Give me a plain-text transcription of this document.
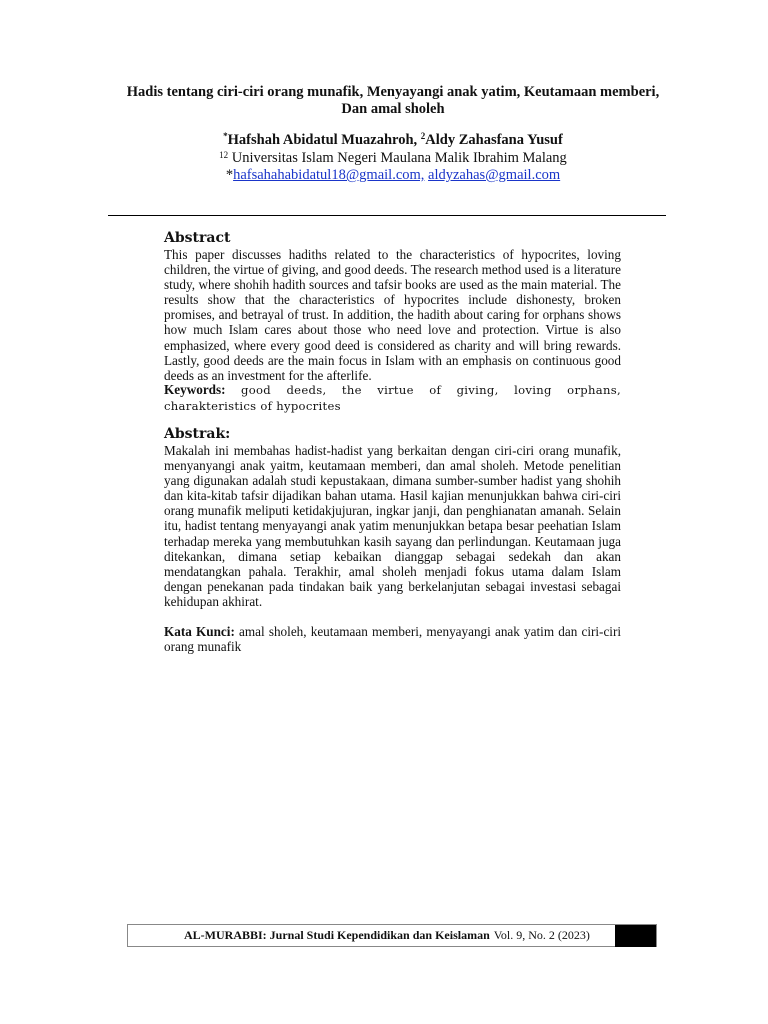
Hadis tentang ciri-ciri orang munafik, Menyayangi anak yatim, Keutamaan memberi, Dan amal sholeh
*Hafshah Abidatul Muazahroh, $^2$Aldy Zahasfana Yusuf
$^{12}$ Universitas Islam Negeri Maulana Malik Ibrahim Malang
*hafsahahabidatul18@gmail.com, aldyzahas@gmail.com
Abstract
This paper discusses hadiths related to the characteristics of hypocrites, loving children, the virtue of giving, and good deeds. The research method used is a literature study, where shohih hadith sources and tafsir books are used as the main material. The results show that the characteristics of hypocrites include dishonesty, broken promises, and betrayal of trust. In addition, the hadith about caring for orphans shows how much Islam cares about those who need love and protection. Virtue is also emphasized, where every good deed is considered as charity and will bring rewards. Lastly, good deeds are the main focus in Islam with an emphasis on continuous good deeds as an investment for the afterlife.
Keywords: good deeds, the virtue of giving, loving orphans, charakteristics of hypocrites
Abstrak:
Makalah ini membahas hadist-hadist yang berkaitan dengan ciri-ciri orang munafik, menyanyangi anak yaitm, keutamaan memberi, dan amal sholeh. Metode penelitian yang digunakan adalah studi kepustakaan, dimana sumber-sumber hadist yang shohih dan kita-kitab tafsir dijadikan bahan utama. Hasil kajian menunjukkan bahwa ciri-ciri orang munafik meliputi ketidakjujuran, ingkar janji, dan penghianatan amanah. Selain itu, hadist tentang menyayangi anak yatim menunjukkan betapa besar peehatian Islam terhadap mereka yang membutuhkan kasih sayang dan perlindungan. Keutamaan juga ditekankan, dimana setiap kebaikan dianggap sebagai sedekah dan akan mendatangkan pahala. Terakhir, amal sholeh menjadi fokus utama dalam Islam dengan penekanan pada tindakan baik yang berkelanjutan sebagai investasi sebagai kehidupan akhirat.
Kata Kunci: amal sholeh, keutamaan memberi, menyayangi anak yatim dan ciri-ciri orang munafik
AL-MURABBI: Jurnal Studi Kependidikan dan Keislaman Vol. 9, No. 2 (2023)
